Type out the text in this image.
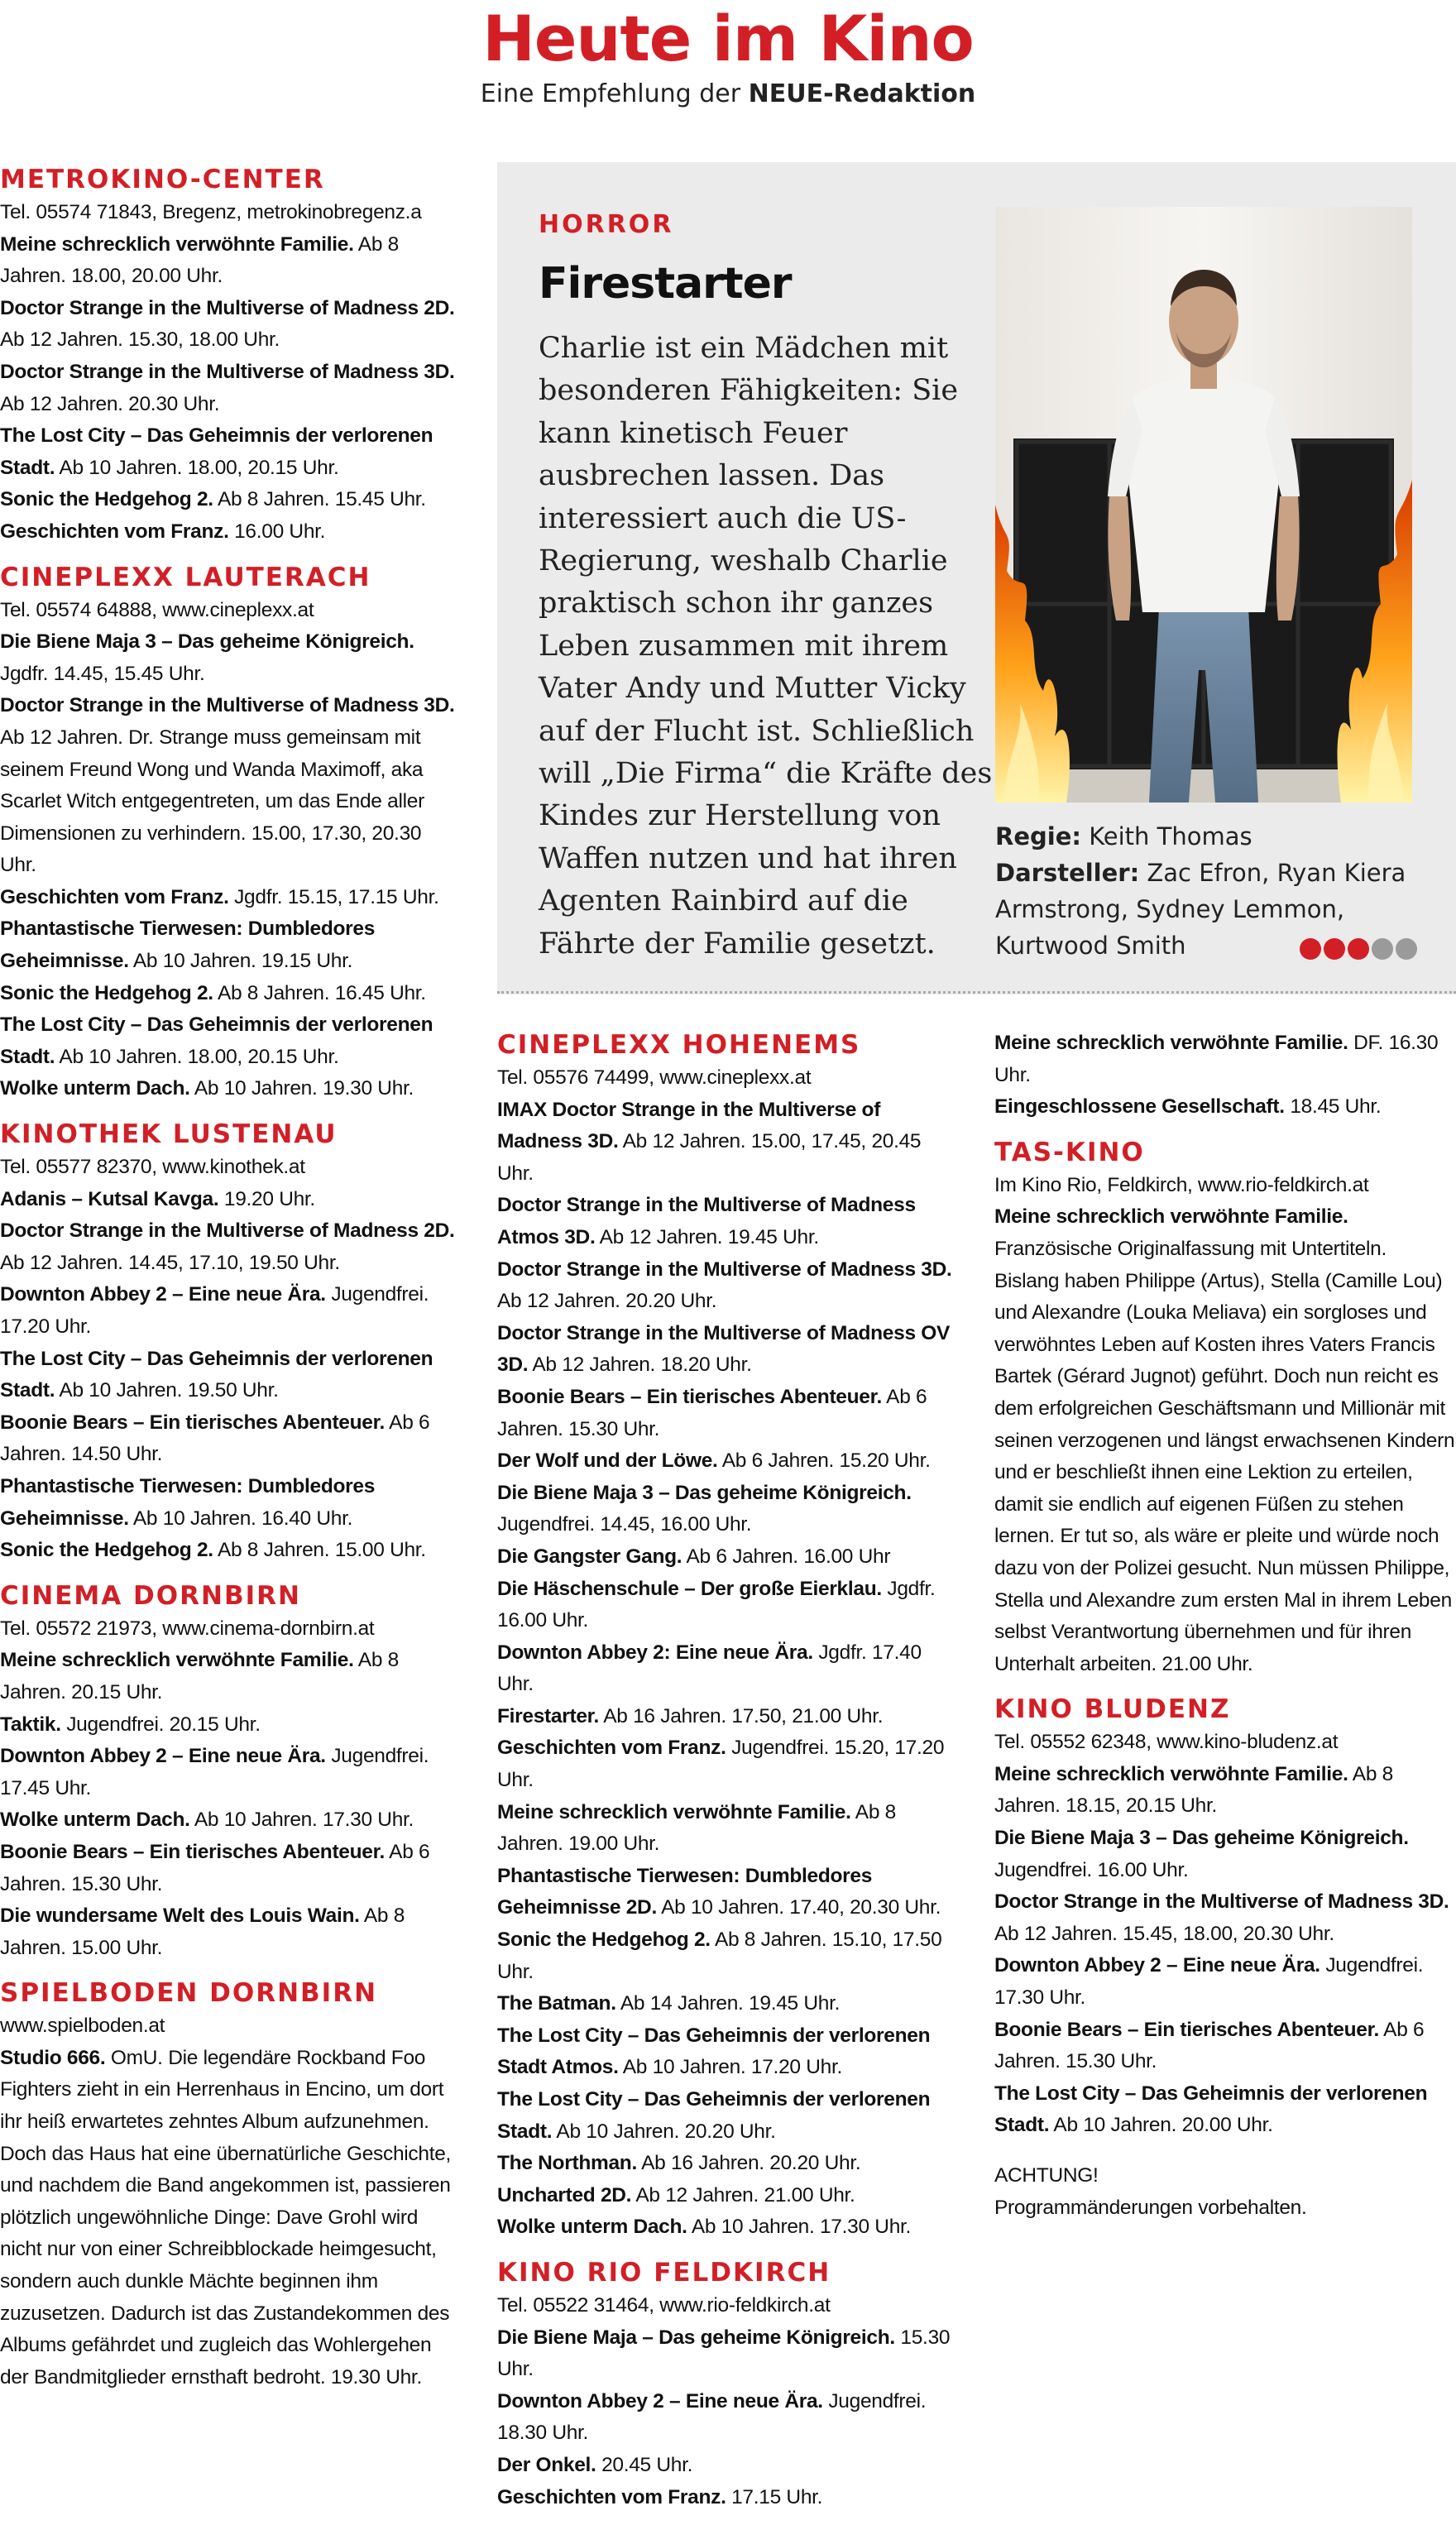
Heute im Kino
Eine Empfehlung der NEUE-Redaktion
METROKINO-CENTER

Tel. 05574 71843, Bregenz, metrokinobregenz.a

Meine schrecklich verwöhnte Familie. Ab 8 Jahren. 18.00, 20.00 Uhr.

Doctor Strange in the Multiverse of Madness 2D. Ab 12 Jahren. 15.30, 18.00 Uhr.

Doctor Strange in the Multiverse of Madness 3D. Ab 12 Jahren. 20.30 Uhr.

The Lost City – Das Geheimnis der verlorenen Stadt. Ab 10 Jahren. 18.00, 20.15 Uhr.

Sonic the Hedgehog 2. Ab 8 Jahren. 15.45 Uhr.

Geschichten vom Franz. 16.00 Uhr.

CINEPLEXX LAUTERACH

Tel. 05574 64888, www.cineplexx.at

Die Biene Maja 3 – Das geheime Königreich. Jgdfr. 14.45, 15.45 Uhr.

Doctor Strange in the Multiverse of Madness 3D. Ab 12 Jahren. Dr. Strange muss gemeinsam mit seinem Freund Wong und Wanda Maximoff, aka Scarlet Witch entgegentreten, um das Ende aller Dimensionen zu verhindern. 15.00, 17.30, 20.30 Uhr.

Geschichten vom Franz. Jgdfr. 15.15, 17.15 Uhr.

Phantastische Tierwesen: Dumbledores Geheimnisse. Ab 10 Jahren. 19.15 Uhr.

Sonic the Hedgehog 2. Ab 8 Jahren. 16.45 Uhr.

The Lost City – Das Geheimnis der verlorenen Stadt. Ab 10 Jahren. 18.00, 20.15 Uhr.

Wolke unterm Dach. Ab 10 Jahren. 19.30 Uhr.

KINOTHEK LUSTENAU

Tel. 05577 82370, www.kinothek.at

Adanis – Kutsal Kavga. 19.20 Uhr.

Doctor Strange in the Multiverse of Madness 2D. Ab 12 Jahren. 14.45, 17.10, 19.50 Uhr.

Downton Abbey 2 – Eine neue Ära. Jugendfrei. 17.20 Uhr.

The Lost City – Das Geheimnis der verlorenen Stadt. Ab 10 Jahren. 19.50 Uhr.

Boonie Bears – Ein tierisches Abenteuer. Ab 6 Jahren. 14.50 Uhr.

Phantastische Tierwesen: Dumbledores Geheimnisse. Ab 10 Jahren. 16.40 Uhr.

Sonic the Hedgehog 2. Ab 8 Jahren. 15.00 Uhr.

CINEMA DORNBIRN

Tel. 05572 21973, www.cinema-dornbirn.at

Meine schrecklich verwöhnte Familie. Ab 8 Jahren. 20.15 Uhr.

Taktik. Jugendfrei. 20.15 Uhr.

Downton Abbey 2 – Eine neue Ära. Jugendfrei. 17.45 Uhr.

Wolke unterm Dach. Ab 10 Jahren. 17.30 Uhr.

Boonie Bears – Ein tierisches Abenteuer. Ab 6 Jahren. 15.30 Uhr.

Die wundersame Welt des Louis Wain. Ab 8 Jahren. 15.00 Uhr.

SPIELBODEN DORNBIRN

www.spielboden.at

Studio 666. OmU. Die legendäre Rockband Foo Fighters zieht in ein Herrenhaus in Encino, um dort ihr heiß erwartetes zehntes Album aufzunehmen. Doch das Haus hat eine übernatürliche Geschichte, und nachdem die Band angekommen ist, passieren plötzlich ungewöhnliche Dinge: Dave Grohl wird nicht nur von einer Schreibblockade heimgesucht, sondern auch dunkle Mächte beginnen ihm zuzusetzen. Dadurch ist das Zustandekommen des Albums gefährdet und zugleich das Wohlergehen der Bandmitglieder ernsthaft bedroht. 19.30 Uhr.

HORROR
Firestarter
Charlie ist ein Mädchen mit besonderen Fähigkeiten: Sie kann kinetisch Feuer ausbrechen lassen. Das interessiert auch die US-Regierung, weshalb Charlie praktisch schon ihr ganzes Leben zusammen mit ihrem Vater Andy und Mutter Vicky auf der Flucht ist. Schließlich will „Die Firma“ die Kräfte des Kindes zur Herstellung von Waffen nutzen und hat ihren Agenten Rainbird auf die Fährte der Familie gesetzt.
Regie: Keith Thomas
Darsteller: Zac Efron, Ryan Kiera Armstrong, Sydney Lemmon, Kurtwood Smith
CINEPLEXX HOHENEMS

Tel. 05576 74499, www.cineplexx.at

IMAX Doctor Strange in the Multiverse of Madness 3D. Ab 12 Jahren. 15.00, 17.45, 20.45 Uhr.

Doctor Strange in the Multiverse of Madness Atmos 3D. Ab 12 Jahren. 19.45 Uhr.

Doctor Strange in the Multiverse of Madness 3D. Ab 12 Jahren. 20.20 Uhr.

Doctor Strange in the Multiverse of Madness OV 3D. Ab 12 Jahren. 18.20 Uhr.

Boonie Bears – Ein tierisches Abenteuer. Ab 6 Jahren. 15.30 Uhr.

Der Wolf und der Löwe. Ab 6 Jahren. 15.20 Uhr.

Die Biene Maja 3 – Das geheime Königreich. Jugendfrei. 14.45, 16.00 Uhr.

Die Gangster Gang. Ab 6 Jahren. 16.00 Uhr

Die Häschenschule – Der große Eierklau. Jgdfr. 16.00 Uhr.

Downton Abbey 2: Eine neue Ära. Jgdfr. 17.40 Uhr.

Firestarter. Ab 16 Jahren. 17.50, 21.00 Uhr.

Geschichten vom Franz. Jugendfrei. 15.20, 17.20 Uhr.

Meine schrecklich verwöhnte Familie. Ab 8 Jahren. 19.00 Uhr.

Phantastische Tierwesen: Dumbledores Geheimnisse 2D. Ab 10 Jahren. 17.40, 20.30 Uhr.

Sonic the Hedgehog 2. Ab 8 Jahren. 15.10, 17.50 Uhr.

The Batman. Ab 14 Jahren. 19.45 Uhr.

The Lost City – Das Geheimnis der verlorenen Stadt Atmos. Ab 10 Jahren. 17.20 Uhr.

The Lost City – Das Geheimnis der verlorenen Stadt. Ab 10 Jahren. 20.20 Uhr.

The Northman. Ab 16 Jahren. 20.20 Uhr.

Uncharted 2D. Ab 12 Jahren. 21.00 Uhr.

Wolke unterm Dach. Ab 10 Jahren. 17.30 Uhr.

KINO RIO FELDKIRCH

Tel. 05522 31464, www.rio-feldkirch.at

Die Biene Maja – Das geheime Königreich. 15.30 Uhr.

Downton Abbey 2 – Eine neue Ära. Jugendfrei. 18.30 Uhr.

Der Onkel. 20.45 Uhr.

Geschichten vom Franz. 17.15 Uhr.

Meine schrecklich verwöhnte Familie. DF. 16.30 Uhr.

Eingeschlossene Gesellschaft. 18.45 Uhr.

TAS-KINO

Im Kino Rio, Feldkirch, www.rio-feldkirch.at

Meine schrecklich verwöhnte Familie. Französische Originalfassung mit Untertiteln. Bislang haben Philippe (Artus), Stella (Camille Lou) und Alexandre (Louka Meliava) ein sorgloses und verwöhntes Leben auf Kosten ihres Vaters Francis Bartek (Gérard Jugnot) geführt. Doch nun reicht es dem erfolgreichen Geschäftsmann und Millionär mit seinen verzogenen und längst erwachsenen Kindern und er beschließt ihnen eine Lektion zu erteilen, damit sie endlich auf eigenen Füßen zu stehen lernen. Er tut so, als wäre er pleite und würde noch dazu von der Polizei gesucht. Nun müssen Philippe, Stella und Alexandre zum ersten Mal in ihrem Leben selbst Verantwortung übernehmen und für ihren Unterhalt arbeiten. 21.00 Uhr.

KINO BLUDENZ

Tel. 05552 62348, www.kino-bludenz.at

Meine schrecklich verwöhnte Familie. Ab 8 Jahren. 18.15, 20.15 Uhr.

Die Biene Maja 3 – Das geheime Königreich. Jugendfrei. 16.00 Uhr.

Doctor Strange in the Multiverse of Madness 3D. Ab 12 Jahren. 15.45, 18.00, 20.30 Uhr.

Downton Abbey 2 – Eine neue Ära. Jugendfrei. 17.30 Uhr.

Boonie Bears – Ein tierisches Abenteuer. Ab 6 Jahren. 15.30 Uhr.

The Lost City – Das Geheimnis der verlorenen Stadt. Ab 10 Jahren. 20.00 Uhr.

ACHTUNG!

Programmänderungen vorbehalten.
